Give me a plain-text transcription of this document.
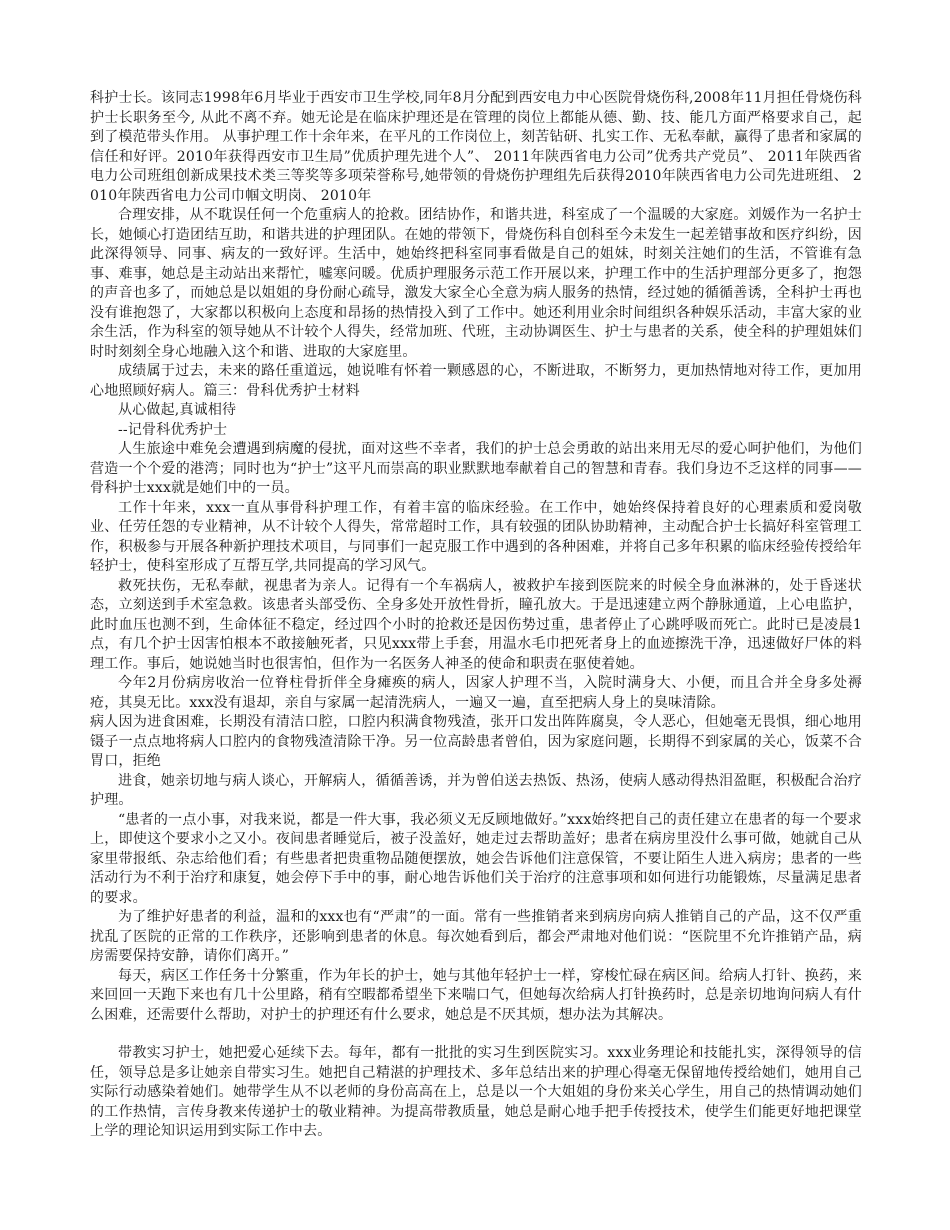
科护士长。该同志1998年6月毕业于西安市卫生学校,同年8月分配到西安电力中心医院骨烧伤科,2008年11月担任骨烧伤科护士长职务至今, 从此不离不弃。她无论是在临床护理还是在管理的岗位上都能从德、勤、技、能几方面严格要求自己，起到了模范带头作用。 从事护理工作十余年来，在平凡的工作岗位上，刻苦钻研、扎实工作、无私奉献，赢得了患者和家属的信任和好评。2010年获得西安市卫生局”优质护理先进个人”、 2011年陕西省电力公司”优秀共产党员”、 2011年陕西省电力公司班组创新成果技术类三等奖等多项荣誉称号,她带领的骨烧伤护理组先后获得2010年陕西省电力公司先进班组、 2010年陕西省电力公司巾帼文明岗、 2010年

合理安排，从不耽误任何一个危重病人的抢救。团结协作，和谐共进，科室成了一个温暖的大家庭。刘媛作为一名护士长，她倾心打造团结互助，和谐共进的护理团队。在她的带领下，骨烧伤科自创科至今未发生一起差错事故和医疗纠纷，因此深得领导、同事、病友的一致好评。生活中，她始终把科室同事看做是自己的姐妹，时刻关注她们的生活，不管谁有急事、难事，她总是主动站出来帮忙，嘘寒问暖。优质护理服务示范工作开展以来，护理工作中的生活护理部分更多了，抱怨的声音也多了，而她总是以姐姐的身份耐心疏导，激发大家全心全意为病人服务的热情，经过她的循循善诱，全科护士再也没有谁抱怨了，大家都以积极向上态度和昂扬的热情投入到了工作中。她还利用业余时间组织各种娱乐活动，丰富大家的业余生活，作为科室的领导她从不计较个人得失，经常加班、代班，主动协调医生、护士与患者的关系，使全科的护理姐妹们时时刻刻全身心地融入这个和谐、进取的大家庭里。

成绩属于过去，未来的路任重道远，她说唯有怀着一颗感恩的心，不断进取，不断努力，更加热情地对待工作，更加用心地照顾好病人。篇三：骨科优秀护士材料

从心做起,真诚相待

--记骨科优秀护士

人生旅途中难免会遭遇到病魔的侵扰，面对这些不幸者，我们的护士总会勇敢的站出来用无尽的爱心呵护他们，为他们营造一个个爱的港湾；同时也为“护士”这平凡而崇高的职业默默地奉献着自己的智慧和青春。我们身边不乏这样的同事——骨科护士xxx就是她们中的一员。

工作十年来，xxx一直从事骨科护理工作，有着丰富的临床经验。在工作中，她始终保持着良好的心理素质和爱岗敬业、任劳任怨的专业精神，从不计较个人得失，常常超时工作，具有较强的团队协助精神，主动配合护士长搞好科室管理工作，积极参与开展各种新护理技术项目，与同事们一起克服工作中遇到的各种困难，并将自己多年积累的临床经验传授给年轻护士，使科室形成了互帮互学,共同提高的学习风气。

救死扶伤，无私奉献，视患者为亲人。记得有一个车祸病人，被救护车接到医院来的时候全身血淋淋的，处于昏迷状态，立刻送到手术室急救。该患者头部受伤、全身多处开放性骨折，瞳孔放大。于是迅速建立两个静脉通道，上心电监护，此时血压也测不到，生命体征不稳定，经过四个小时的抢救还是因伤势过重，患者停止了心跳呼吸而死亡。此时已是凌晨1点，有几个护士因害怕根本不敢接触死者，只见xxx带上手套，用温水毛巾把死者身上的血迹擦洗干净，迅速做好尸体的料理工作。事后，她说她当时也很害怕，但作为一名医务人神圣的使命和职责在驱使着她。

今年2月份病房收治一位脊柱骨折伴全身瘫痪的病人，因家人护理不当，入院时满身大、小便，而且合并全身多处褥疮，其臭无比。xxx没有退却，亲自与家属一起清洗病人，一遍又一遍，直至把病人身上的臭味清除。

病人因为进食困难，长期没有清洁口腔，口腔内积满食物残渣，张开口发出阵阵腐臭，令人恶心，但她毫无畏惧，细心地用镊子一点点地将病人口腔内的食物残渣清除干净。另一位高龄患者曾伯，因为家庭问题，长期得不到家属的关心，饭菜不合胃口，拒绝

进食，她亲切地与病人谈心，开解病人，循循善诱，并为曾伯送去热饭、热汤，使病人感动得热泪盈眶，积极配合治疗护理。

“患者的一点小事，对我来说，都是一件大事，我必须义无反顾地做好。”xxx始终把自己的责任建立在患者的每一个要求上，即使这个要求小之又小。夜间患者睡觉后，被子没盖好，她走过去帮助盖好；患者在病房里没什么事可做，她就自己从家里带报纸、杂志给他们看；有些患者把贵重物品随便摆放，她会告诉他们注意保管，不要让陌生人进入病房；患者的一些活动行为不利于治疗和康复，她会停下手中的事，耐心地告诉他们关于治疗的注意事项和如何进行功能锻炼，尽量满足患者的要求。

为了维护好患者的利益，温和的xxx也有“严肃”的一面。常有一些推销者来到病房向病人推销自己的产品，这不仅严重扰乱了医院的正常的工作秩序，还影响到患者的休息。每次她看到后，都会严肃地对他们说：“医院里不允许推销产品，病房需要保持安静，请你们离开。”

每天，病区工作任务十分繁重，作为年长的护士，她与其他年轻护士一样，穿梭忙碌在病区间。给病人打针、换药，来来回回一天跑下来也有几十公里路，稍有空暇都希望坐下来喘口气，但她每次给病人打针换药时，总是亲切地询问病人有什么困难，还需要什么帮助，对护士的护理还有什么要求，她总是不厌其烦，想办法为其解决。

带教实习护士，她把爱心延续下去。每年，都有一批批的实习生到医院实习。xxx业务理论和技能扎实，深得领导的信任，领导总是多让她亲自带实习生。她把自己精湛的护理技术、多年总结出来的护理心得毫无保留地传授给她们，她用自己实际行动感染着她们。她带学生从不以老师的身份高高在上，总是以一个大姐姐的身份来关心学生，用自己的热情调动她们的工作热情，言传身教来传递护士的敬业精神。为提高带教质量，她总是耐心地手把手传授技术，使学生们能更好地把课堂上学的理论知识运用到实际工作中去。
